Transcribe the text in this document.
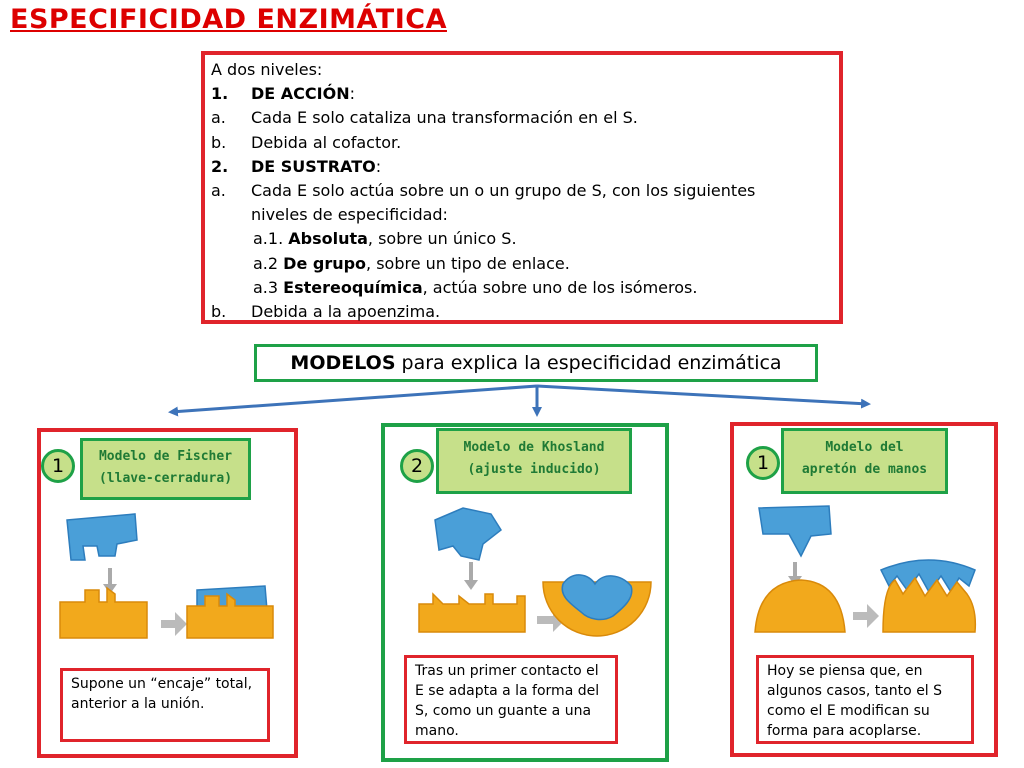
ESPECIFICIDAD ENZIMÁTICA
A dos niveles:
1. DE ACCIÓN:
a. Cada E solo cataliza una transformación en el S.
b. Debida al cofactor.
2. DE SUSTRATO:
a. Cada E solo actúa sobre un o un grupo de S, con los siguientes
niveles de especificidad:
a.1. Absoluta, sobre un único S.
a.2 De grupo, sobre un tipo de enlace.
a.3 Estereoquímica, actúa sobre uno de los isómeros.
b. Debida a la apoenzima.
MODELOS para explica la especificidad enzimática
Modelo de Fischer
(llave-cerradura)
1
Supone un “encaje” total, anterior a la unión.
Modelo de Khosland
(ajuste inducido)
2
Tras un primer contacto el E se adapta a la forma del S, como un guante a una mano.
Modelo del
apretón de manos
1
Hoy se piensa que, en algunos casos, tanto el S como el E modifican su forma para acoplarse.
